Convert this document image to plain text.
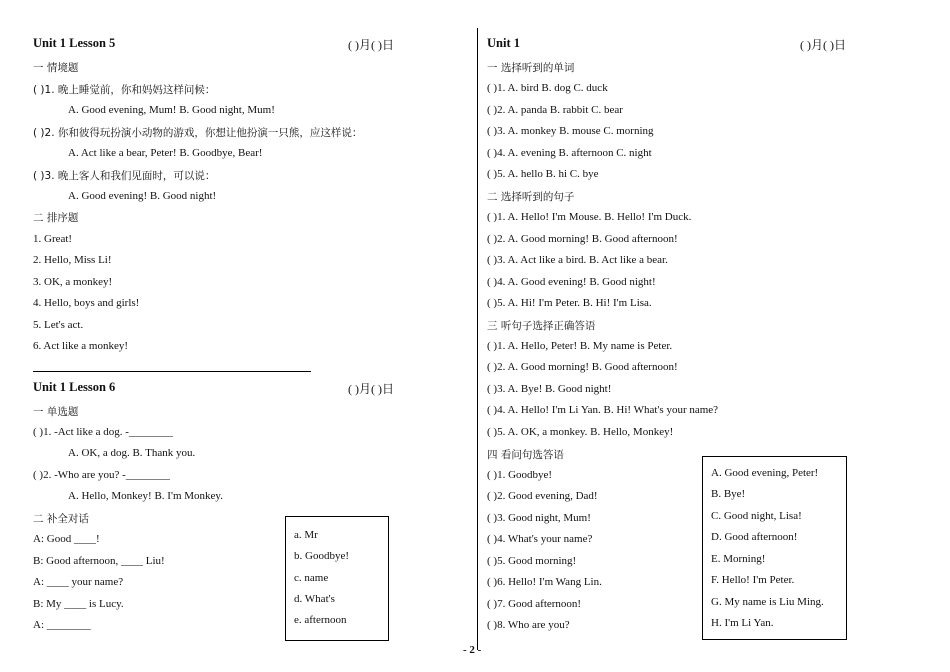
Unit 1 Lesson 5	( )月( )日
一 情境题
( )1. 晚上睡觉前，你和妈妈这样问候：
A. Good evening, Mum! B. Good night, Mum!
( )2. 你和彼得玩扮演小动物的游戏，你想让他扮演一只熊，应这样说：
A. Act like a bear, Peter! B. Goodbye, Bear!
( )3. 晚上客人和我们见面时，可以说：
A. Good evening! B. Good night!
二 排序题
1. Great!
2. Hello, Miss Li!
3. OK, a monkey!
4. Hello, boys and girls!
5. Let's act.
6. Act like a monkey!
Unit 1 Lesson 6	( )月( )日
一 单选题
( )1. -Act like a dog. -________
A. OK, a dog. B. Thank you.
( )2. -Who are you? -________
A. Hello, Monkey! B. I'm Monkey.
二 补全对话
A: Good ____!
B: Good afternoon, ____ Liu!
A: ____ your name?
B: My ____ is Lucy.
A: ________
a. Mr
b. Goodbye!
c. name
d. What's
e. afternoon
Unit 1	( )月( )日
一 选择听到的单词
( )1. A. bird B. dog C. duck
( )2. A. panda B. rabbit C. bear
( )3. A. monkey B. mouse C. morning
( )4. A. evening B. afternoon C. night
( )5. A. hello B. hi C. bye
二 选择听到的句子
( )1. A. Hello! I'm Mouse. B. Hello! I'm Duck.
( )2. A. Good morning! B. Good afternoon!
( )3. A. Act like a bird. B. Act like a bear.
( )4. A. Good evening! B. Good night!
( )5. A. Hi! I'm Peter. B. Hi! I'm Lisa.
三 听句子选择正确答语
( )1. A. Hello, Peter! B. My name is Peter.
( )2. A. Good morning! B. Good afternoon!
( )3. A. Bye! B. Good night!
( )4. A. Hello! I'm Li Yan. B. Hi! What's your name?
( )5. A. OK, a monkey. B. Hello, Monkey!
四 看问句选答语
( )1. Goodbye!
( )2. Good evening, Dad!
( )3. Good night, Mum!
( )4. What's your name?
( )5. Good morning!
( )6. Hello! I'm Wang Lin.
( )7. Good afternoon!
( )8. Who are you?
A. Good evening, Peter!
B. Bye!
C. Good night, Lisa!
D. Good afternoon!
E. Morning!
F. Hello! I'm Peter.
G. My name is Liu Ming.
H. I'm Li Yan.
- 2 -
